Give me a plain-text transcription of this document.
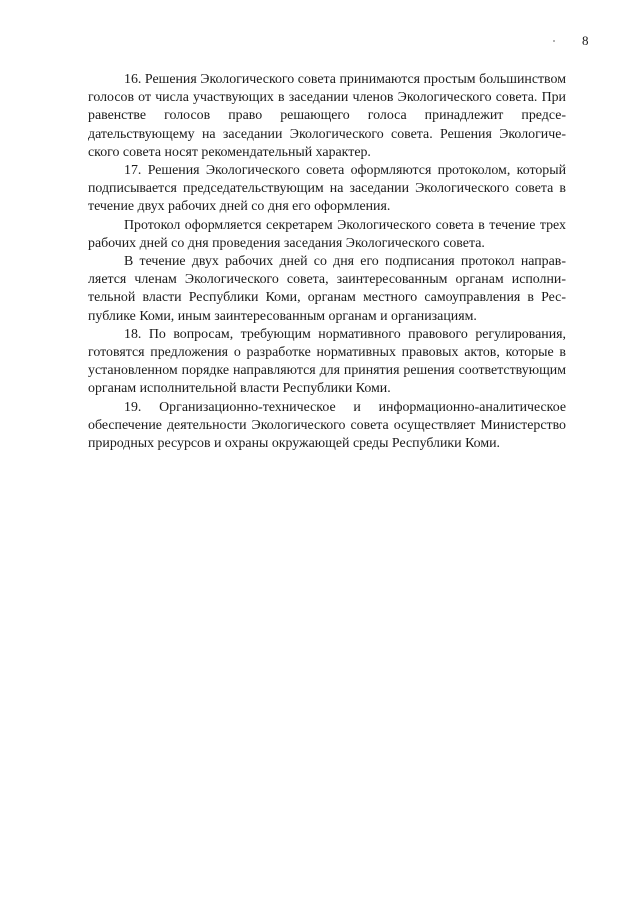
8

16. Решения Экологического совета принимаются простым большинством голосов от числа участвующих в заседании членов Экологического совета. При равенстве голосов право решающего голоса принадлежит председательствующему на заседании Экологического совета. Решения Экологического совета носят рекомендательный характер.

17. Решения Экологического совета оформляются протоколом, который подписывается председательствующим на заседании Экологического совета в течение двух рабочих дней со дня его оформления.

Протокол оформляется секретарем Экологического совета в течение трех рабочих дней со дня проведения заседания Экологического совета.

В течение двух рабочих дней со дня его подписания протокол направляется членам Экологического совета, заинтересованным органам исполнительной власти Республики Коми, органам местного самоуправления в Республике Коми, иным заинтересованным органам и организациям.

18. По вопросам, требующим нормативного правового регулирования, готовятся предложения о разработке нормативных правовых актов, которые в установленном порядке направляются для принятия решения соответствующим органам исполнительной власти Республики Коми.

19. Организационно-техническое и информационно-аналитическое обеспечение деятельности Экологического совета осуществляет Министерство природных ресурсов и охраны окружающей среды Республики Коми.
